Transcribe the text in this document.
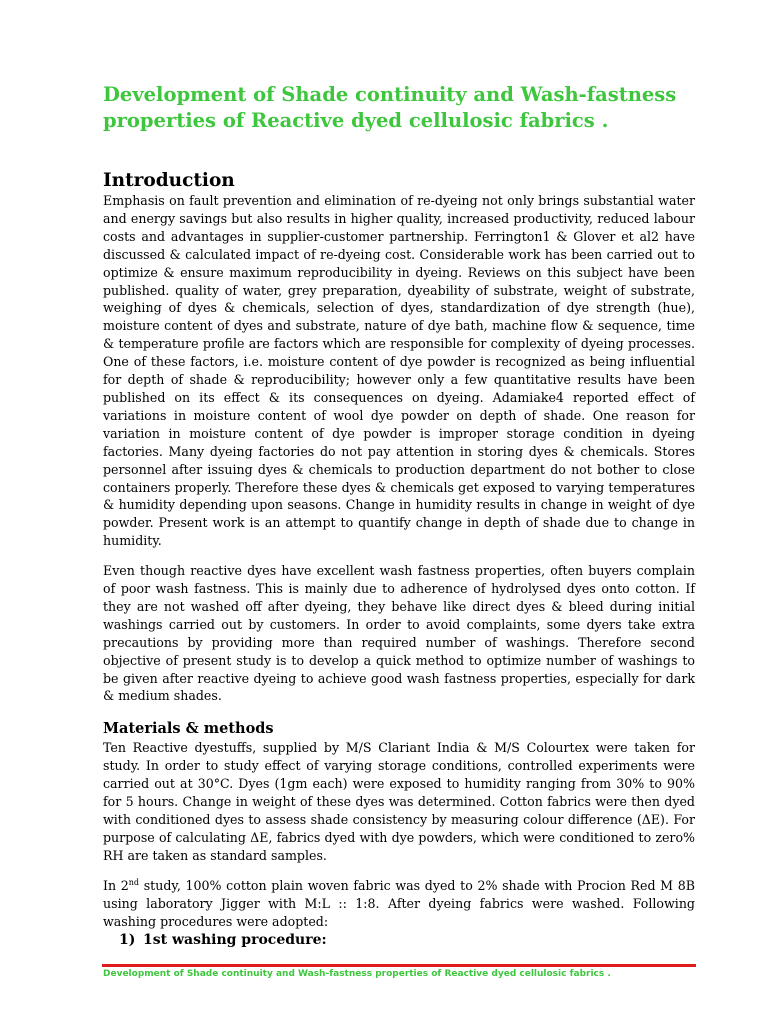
Development of Shade continuity and Wash-fastness properties of Reactive dyed cellulosic fabrics .
Introduction

Emphasis on fault prevention and elimination of re-dyeing not only brings substantial water and energy savings but also results in higher quality, increased productivity, reduced labour costs and advantages in supplier-customer partnership. Ferrington1 & Glover et al2 have discussed & calculated impact of re-dyeing cost. Considerable work has been carried out to optimize & ensure maximum reproducibility in dyeing. Reviews on this subject have been published. quality of water, grey preparation, dyeability of substrate, weight of substrate, weighing of dyes & chemicals, selection of dyes, standardization of dye strength (hue), moisture content of dyes and substrate, nature of dye bath, machine flow & sequence, time & temperature profile are factors which are responsible for complexity of dyeing processes. One of these factors, i.e. moisture content of dye powder is recognized as being influential for depth of shade & reproducibility; however only a few quantitative results have been published on its effect & its consequences on dyeing. Adamiake4 reported effect of variations in moisture content of wool dye powder on depth of shade. One reason for variation in moisture content of dye powder is improper storage condition in dyeing factories. Many dyeing factories do not pay attention in storing dyes & chemicals. Stores personnel after issuing dyes & chemicals to production department do not bother to close containers properly. Therefore these dyes & chemicals get exposed to varying temperatures & humidity depending upon seasons. Change in humidity results in change in weight of dye powder. Present work is an attempt to quantify change in depth of shade due to change in humidity.

Even though reactive dyes have excellent wash fastness properties, often buyers complain of poor wash fastness. This is mainly due to adherence of hydrolysed dyes onto cotton. If they are not washed off after dyeing, they behave like direct dyes & bleed during initial washings carried out by customers. In order to avoid complaints, some dyers take extra precautions by providing more than required number of washings. Therefore second objective of present study is to develop a quick method to optimize number of washings to be given after reactive dyeing to achieve good wash fastness properties, especially for dark & medium shades.

Materials & methods

Ten Reactive dyestuffs, supplied by M/S Clariant India & M/S Colourtex were taken for study. In order to study effect of varying storage conditions, controlled experiments were carried out at 30°C. Dyes (1gm each) were exposed to humidity ranging from 30% to 90% for 5 hours. Change in weight of these dyes was determined. Cotton fabrics were then dyed with conditioned dyes to assess shade consistency by measuring colour difference (ΔE). For purpose of calculating ΔE, fabrics dyed with dye powders, which were conditioned to zero% RH are taken as standard samples.

In 2nd study, 100% cotton plain woven fabric was dyed to 2% shade with Procion Red M 8B using laboratory Jigger with M:L :: 1:8. After dyeing fabrics were washed. Following washing procedures were adopted:

1) 1st washing procedure:
Development of Shade continuity and Wash-fastness properties of Reactive dyed cellulosic fabrics .
